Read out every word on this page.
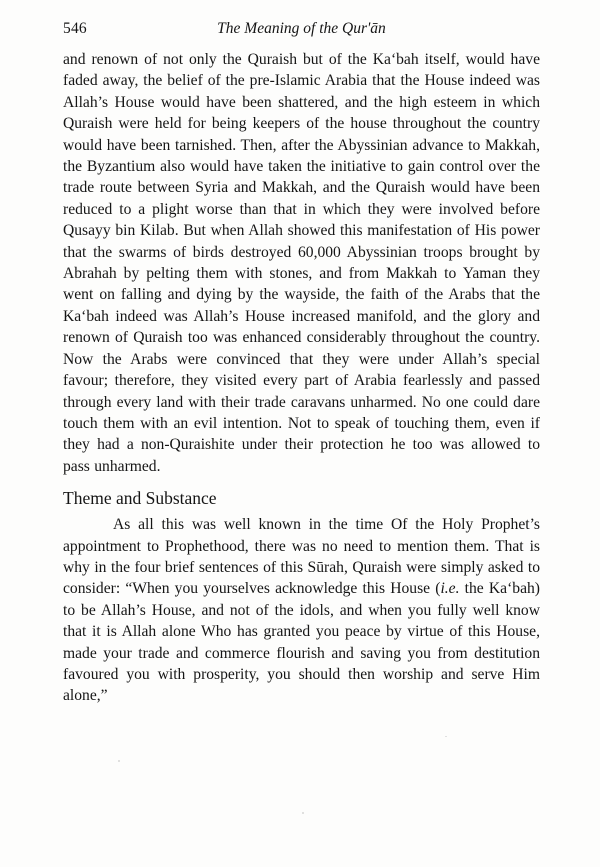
546	The Meaning of the Qur'ān

and renown of not only the Quraish but of the Ka‘bah itself, would have faded away, the belief of the pre-Islamic Arabia that the House indeed was Allah’s House would have been shattered, and the high esteem in which Quraish were held for being keepers of the house throughout the country would have been tarnished. Then, after the Abyssinian advance to Makkah, the Byzantium also would have taken the initiative to gain control over the trade route between Syria and Makkah, and the Quraish would have been reduced to a plight worse than that in which they were involved before Qusayy bin Kilab. But when Allah showed this manifestation of His power that the swarms of birds destroyed 60,000 Abyssinian troops brought by Abrahah by pelting them with stones, and from Makkah to Yaman they went on falling and dying by the wayside, the faith of the Arabs that the Ka‘bah indeed was Allah’s House increased manifold, and the glory and renown of Quraish too was enhanced considerably throughout the country. Now the Arabs were convinced that they were under Allah’s special favour; therefore, they visited every part of Arabia fearlessly and passed through every land with their trade caravans unharmed. No one could dare touch them with an evil intention. Not to speak of touching them, even if they had a non-Quraishite under their protection he too was allowed to pass unharmed.

Theme and Substance

As all this was well known in the time Of the Holy Prophet’s appointment to Prophethood, there was no need to mention them. That is why in the four brief sentences of this Sūrah, Quraish were simply asked to consider: “When you yourselves acknowledge this House (i.e. the Ka‘bah) to be Allah’s House, and not of the idols, and when you fully well know that it is Allah alone Who has granted you peace by virtue of this House, made your trade and commerce flourish and saving you from destitution favoured you with prosperity, you should then worship and serve Him alone,”
